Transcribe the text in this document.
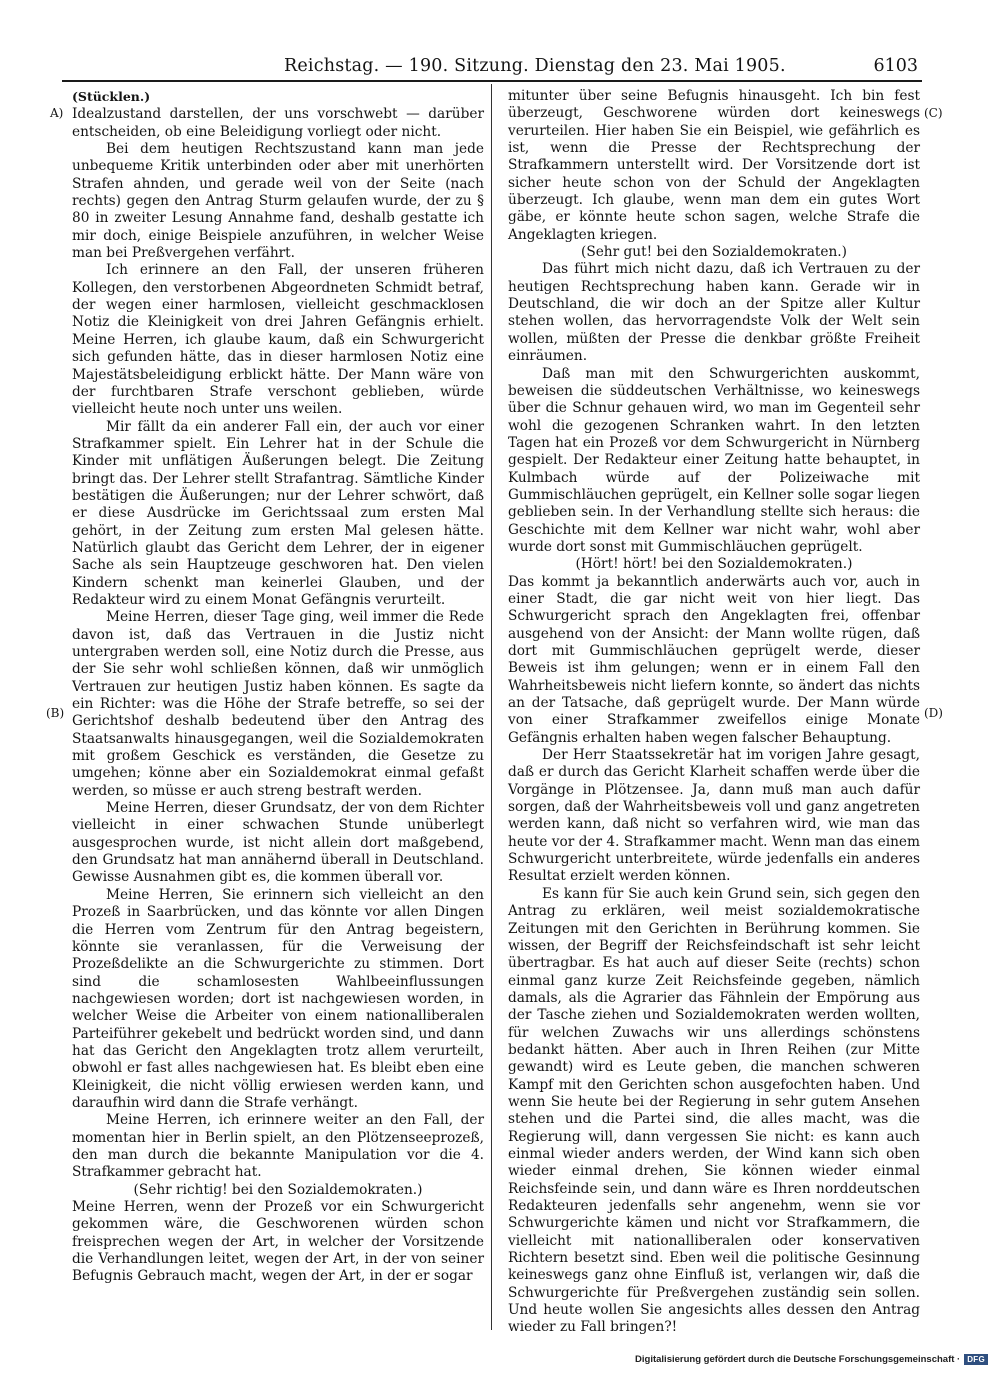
Reichstag. — 190. Sitzung. Dienstag den 23. Mai 1905.	6103
A)
(B)
(C)
(D)

(Stücklen.)

Idealzustand darstellen, der uns vorschwebt — darüber entscheiden, ob eine Beleidigung vorliegt oder nicht.

Bei dem heutigen Rechtszustand kann man jede unbequeme Kritik unterbinden oder aber mit unerhörten Strafen ahnden, und gerade weil von der Seite (nach rechts) gegen den Antrag Sturm gelaufen wurde, der zu § 80 in zweiter Lesung Annahme fand, deshalb gestatte ich mir doch, einige Beispiele anzuführen, in welcher Weise man bei Preßvergehen verfährt.

Ich erinnere an den Fall, der unseren früheren Kollegen, den verstorbenen Abgeordneten Schmidt betraf, der wegen einer harmlosen, vielleicht geschmacklosen Notiz die Kleinigkeit von drei Jahren Gefängnis erhielt. Meine Herren, ich glaube kaum, daß ein Schwurgericht sich gefunden hätte, das in dieser harmlosen Notiz eine Majestätsbeleidigung erblickt hätte. Der Mann wäre von der furchtbaren Strafe verschont geblieben, würde vielleicht heute noch unter uns weilen.

Mir fällt da ein anderer Fall ein, der auch vor einer Strafkammer spielt. Ein Lehrer hat in der Schule die Kinder mit unflätigen Äußerungen belegt. Die Zeitung bringt das. Der Lehrer stellt Strafantrag. Sämtliche Kinder bestätigen die Äußerungen; nur der Lehrer schwört, daß er diese Ausdrücke im Gerichtssaal zum ersten Mal gehört, in der Zeitung zum ersten Mal gelesen hätte. Natürlich glaubt das Gericht dem Lehrer, der in eigener Sache als sein Hauptzeuge geschworen hat. Den vielen Kindern schenkt man keinerlei Glauben, und der Redakteur wird zu einem Monat Gefängnis verurteilt.

Meine Herren, dieser Tage ging, weil immer die Rede davon ist, daß das Vertrauen in die Justiz nicht untergraben werden soll, eine Notiz durch die Presse, aus der Sie sehr wohl schließen können, daß wir unmöglich Vertrauen zur heutigen Justiz haben können. Es sagte da ein Richter: was die Höhe der Strafe betreffe, so sei der Gerichtshof deshalb bedeutend über den Antrag des Staatsanwalts hinausgegangen, weil die Sozialdemokraten mit großem Geschick es verständen, die Gesetze zu umgehen; könne aber ein Sozialdemokrat einmal gefaßt werden, so müsse er auch streng bestraft werden.

Meine Herren, dieser Grundsatz, der von dem Richter vielleicht in einer schwachen Stunde unüberlegt ausgesprochen wurde, ist nicht allein dort maßgebend, den Grundsatz hat man annähernd überall in Deutschland. Gewisse Ausnahmen gibt es, die kommen überall vor.

Meine Herren, Sie erinnern sich vielleicht an den Prozeß in Saarbrücken, und das könnte vor allen Dingen die Herren vom Zentrum für den Antrag begeistern, könnte sie veranlassen, für die Verweisung der Prozeßdelikte an die Schwurgerichte zu stimmen. Dort sind die schamlosesten Wahlbeeinflussungen nachgewiesen worden; dort ist nachgewiesen worden, in welcher Weise die Arbeiter von einem nationalliberalen Parteiführer gekebelt und bedrückt worden sind, und dann hat das Gericht den Angeklagten trotz allem verurteilt, obwohl er fast alles nachgewiesen hat. Es bleibt eben eine Kleinigkeit, die nicht völlig erwiesen werden kann, und daraufhin wird dann die Strafe verhängt.

Meine Herren, ich erinnere weiter an den Fall, der momentan hier in Berlin spielt, an den Plötzenseeprozeß, den man durch die bekannte Manipulation vor die 4. Strafkammer gebracht hat.

(Sehr richtig! bei den Sozialdemokraten.)

Meine Herren, wenn der Prozeß vor ein Schwurgericht gekommen wäre, die Geschworenen würden schon freisprechen wegen der Art, in welcher der Vorsitzende die Verhandlungen leitet, wegen der Art, in der von seiner Befugnis Gebrauch macht, wegen der Art, in der er sogar

mitunter über seine Befugnis hinausgeht. Ich bin fest überzeugt, Geschworene würden dort keineswegs verurteilen. Hier haben Sie ein Beispiel, wie gefährlich es ist, wenn die Presse der Rechtsprechung der Strafkammern unterstellt wird. Der Vorsitzende dort ist sicher heute schon von der Schuld der Angeklagten überzeugt. Ich glaube, wenn man dem ein gutes Wort gäbe, er könnte heute schon sagen, welche Strafe die Angeklagten kriegen.

(Sehr gut! bei den Sozialdemokraten.)

Das führt mich nicht dazu, daß ich Vertrauen zu der heutigen Rechtsprechung haben kann. Gerade wir in Deutschland, die wir doch an der Spitze aller Kultur stehen wollen, das hervorragendste Volk der Welt sein wollen, müßten der Presse die denkbar größte Freiheit einräumen.

Daß man mit den Schwurgerichten auskommt, beweisen die süddeutschen Verhältnisse, wo keineswegs über die Schnur gehauen wird, wo man im Gegenteil sehr wohl die gezogenen Schranken wahrt. In den letzten Tagen hat ein Prozeß vor dem Schwurgericht in Nürnberg gespielt. Der Redakteur einer Zeitung hatte behauptet, in Kulmbach würde auf der Polizeiwache mit Gummischläuchen geprügelt, ein Kellner solle sogar liegen geblieben sein. In der Verhandlung stellte sich heraus: die Geschichte mit dem Kellner war nicht wahr, wohl aber wurde dort sonst mit Gummischläuchen geprügelt.

(Hört! hört! bei den Sozialdemokraten.)

Das kommt ja bekanntlich anderwärts auch vor, auch in einer Stadt, die gar nicht weit von hier liegt. Das Schwurgericht sprach den Angeklagten frei, offenbar ausgehend von der Ansicht: der Mann wollte rügen, daß dort mit Gummischläuchen geprügelt werde, dieser Beweis ist ihm gelungen; wenn er in einem Fall den Wahrheitsbeweis nicht liefern konnte, so ändert das nichts an der Tatsache, daß geprügelt wurde. Der Mann würde von einer Strafkammer zweifellos einige Monate Gefängnis erhalten haben wegen falscher Behauptung.

Der Herr Staatssekretär hat im vorigen Jahre gesagt, daß er durch das Gericht Klarheit schaffen werde über die Vorgänge in Plötzensee. Ja, dann muß man auch dafür sorgen, daß der Wahrheitsbeweis voll und ganz angetreten werden kann, daß nicht so verfahren wird, wie man das heute vor der 4. Strafkammer macht. Wenn man das einem Schwurgericht unterbreitete, würde jedenfalls ein anderes Resultat erzielt werden können.

Es kann für Sie auch kein Grund sein, sich gegen den Antrag zu erklären, weil meist sozialdemokratische Zeitungen mit den Gerichten in Berührung kommen. Sie wissen, der Begriff der Reichsfeindschaft ist sehr leicht übertragbar. Es hat auch auf dieser Seite (rechts) schon einmal ganz kurze Zeit Reichsfeinde gegeben, nämlich damals, als die Agrarier das Fähnlein der Empörung aus der Tasche ziehen und Sozialdemokraten werden wollten, für welchen Zuwachs wir uns allerdings schönstens bedankt hätten. Aber auch in Ihren Reihen (zur Mitte gewandt) wird es Leute geben, die manchen schweren Kampf mit den Gerichten schon ausgefochten haben. Und wenn Sie heute bei der Regierung in sehr gutem Ansehen stehen und die Partei sind, die alles macht, was die Regierung will, dann vergessen Sie nicht: es kann auch einmal wieder anders werden, der Wind kann sich oben wieder einmal drehen, Sie können wieder einmal Reichsfeinde sein, und dann wäre es Ihren norddeutschen Redakteuren jedenfalls sehr angenehm, wenn sie vor Schwurgerichte kämen und nicht vor Strafkammern, die vielleicht mit nationalliberalen oder konservativen Richtern besetzt sind. Eben weil die politische Gesinnung keineswegs ganz ohne Einfluß ist, verlangen wir, daß die Schwurgerichte für Preßvergehen zuständig sein sollen. Und heute wollen Sie angesichts alles dessen den Antrag wieder zu Fall bringen?!

Digitalisierung gefördert durch die Deutsche Forschungsgemeinschaft · DFG
